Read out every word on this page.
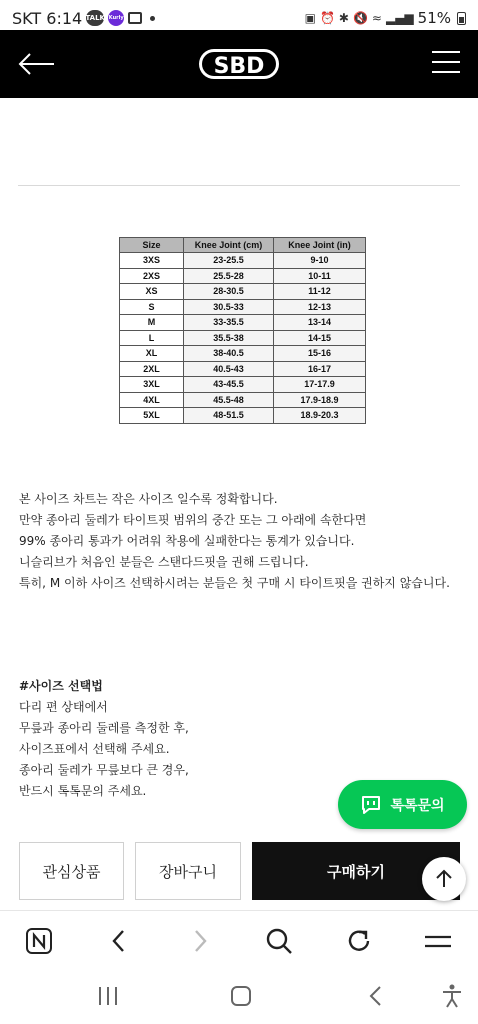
SKT 6:14 TALK Kurly	▣ ⏰ ✱ 🔇 ≈ ▂▄▆ 51%
SBD
Size	Knee Joint (cm)	Knee Joint (in)
3XS	23-25.5	9-10
2XS	25.5-28	10-11
XS	28-30.5	11-12
S	30.5-33	12-13
M	33-35.5	13-14
L	35.5-38	14-15
XL	38-40.5	15-16
2XL	40.5-43	16-17
3XL	43-45.5	17-17.9
4XL	45.5-48	17.9-18.9
5XL	48-51.5	18.9-20.3

본 사이즈 차트는 작은 사이즈 일수록 정확합니다.

만약 종아리 둘레가 타이트핏 범위의 중간 또는 그 아래에 속한다면

99% 종아리 통과가 어려워 착용에 실패한다는 통계가 있습니다.

니슬리브가 처음인 분들은 스탠다드핏을 권해 드립니다.

특히, M 이하 사이즈 선택하시려는 분들은 첫 구매 시 타이트핏을 권하지 않습니다.

#사이즈 선택법

다리 편 상태에서

무릎과 종아리 둘레를 측정한 후,

사이즈표에서 선택해 주세요.

종아리 둘레가 무릎보다 큰 경우,

반드시 톡톡문의 주세요.

톡톡문의
관심상품	장바구니	구매하기
